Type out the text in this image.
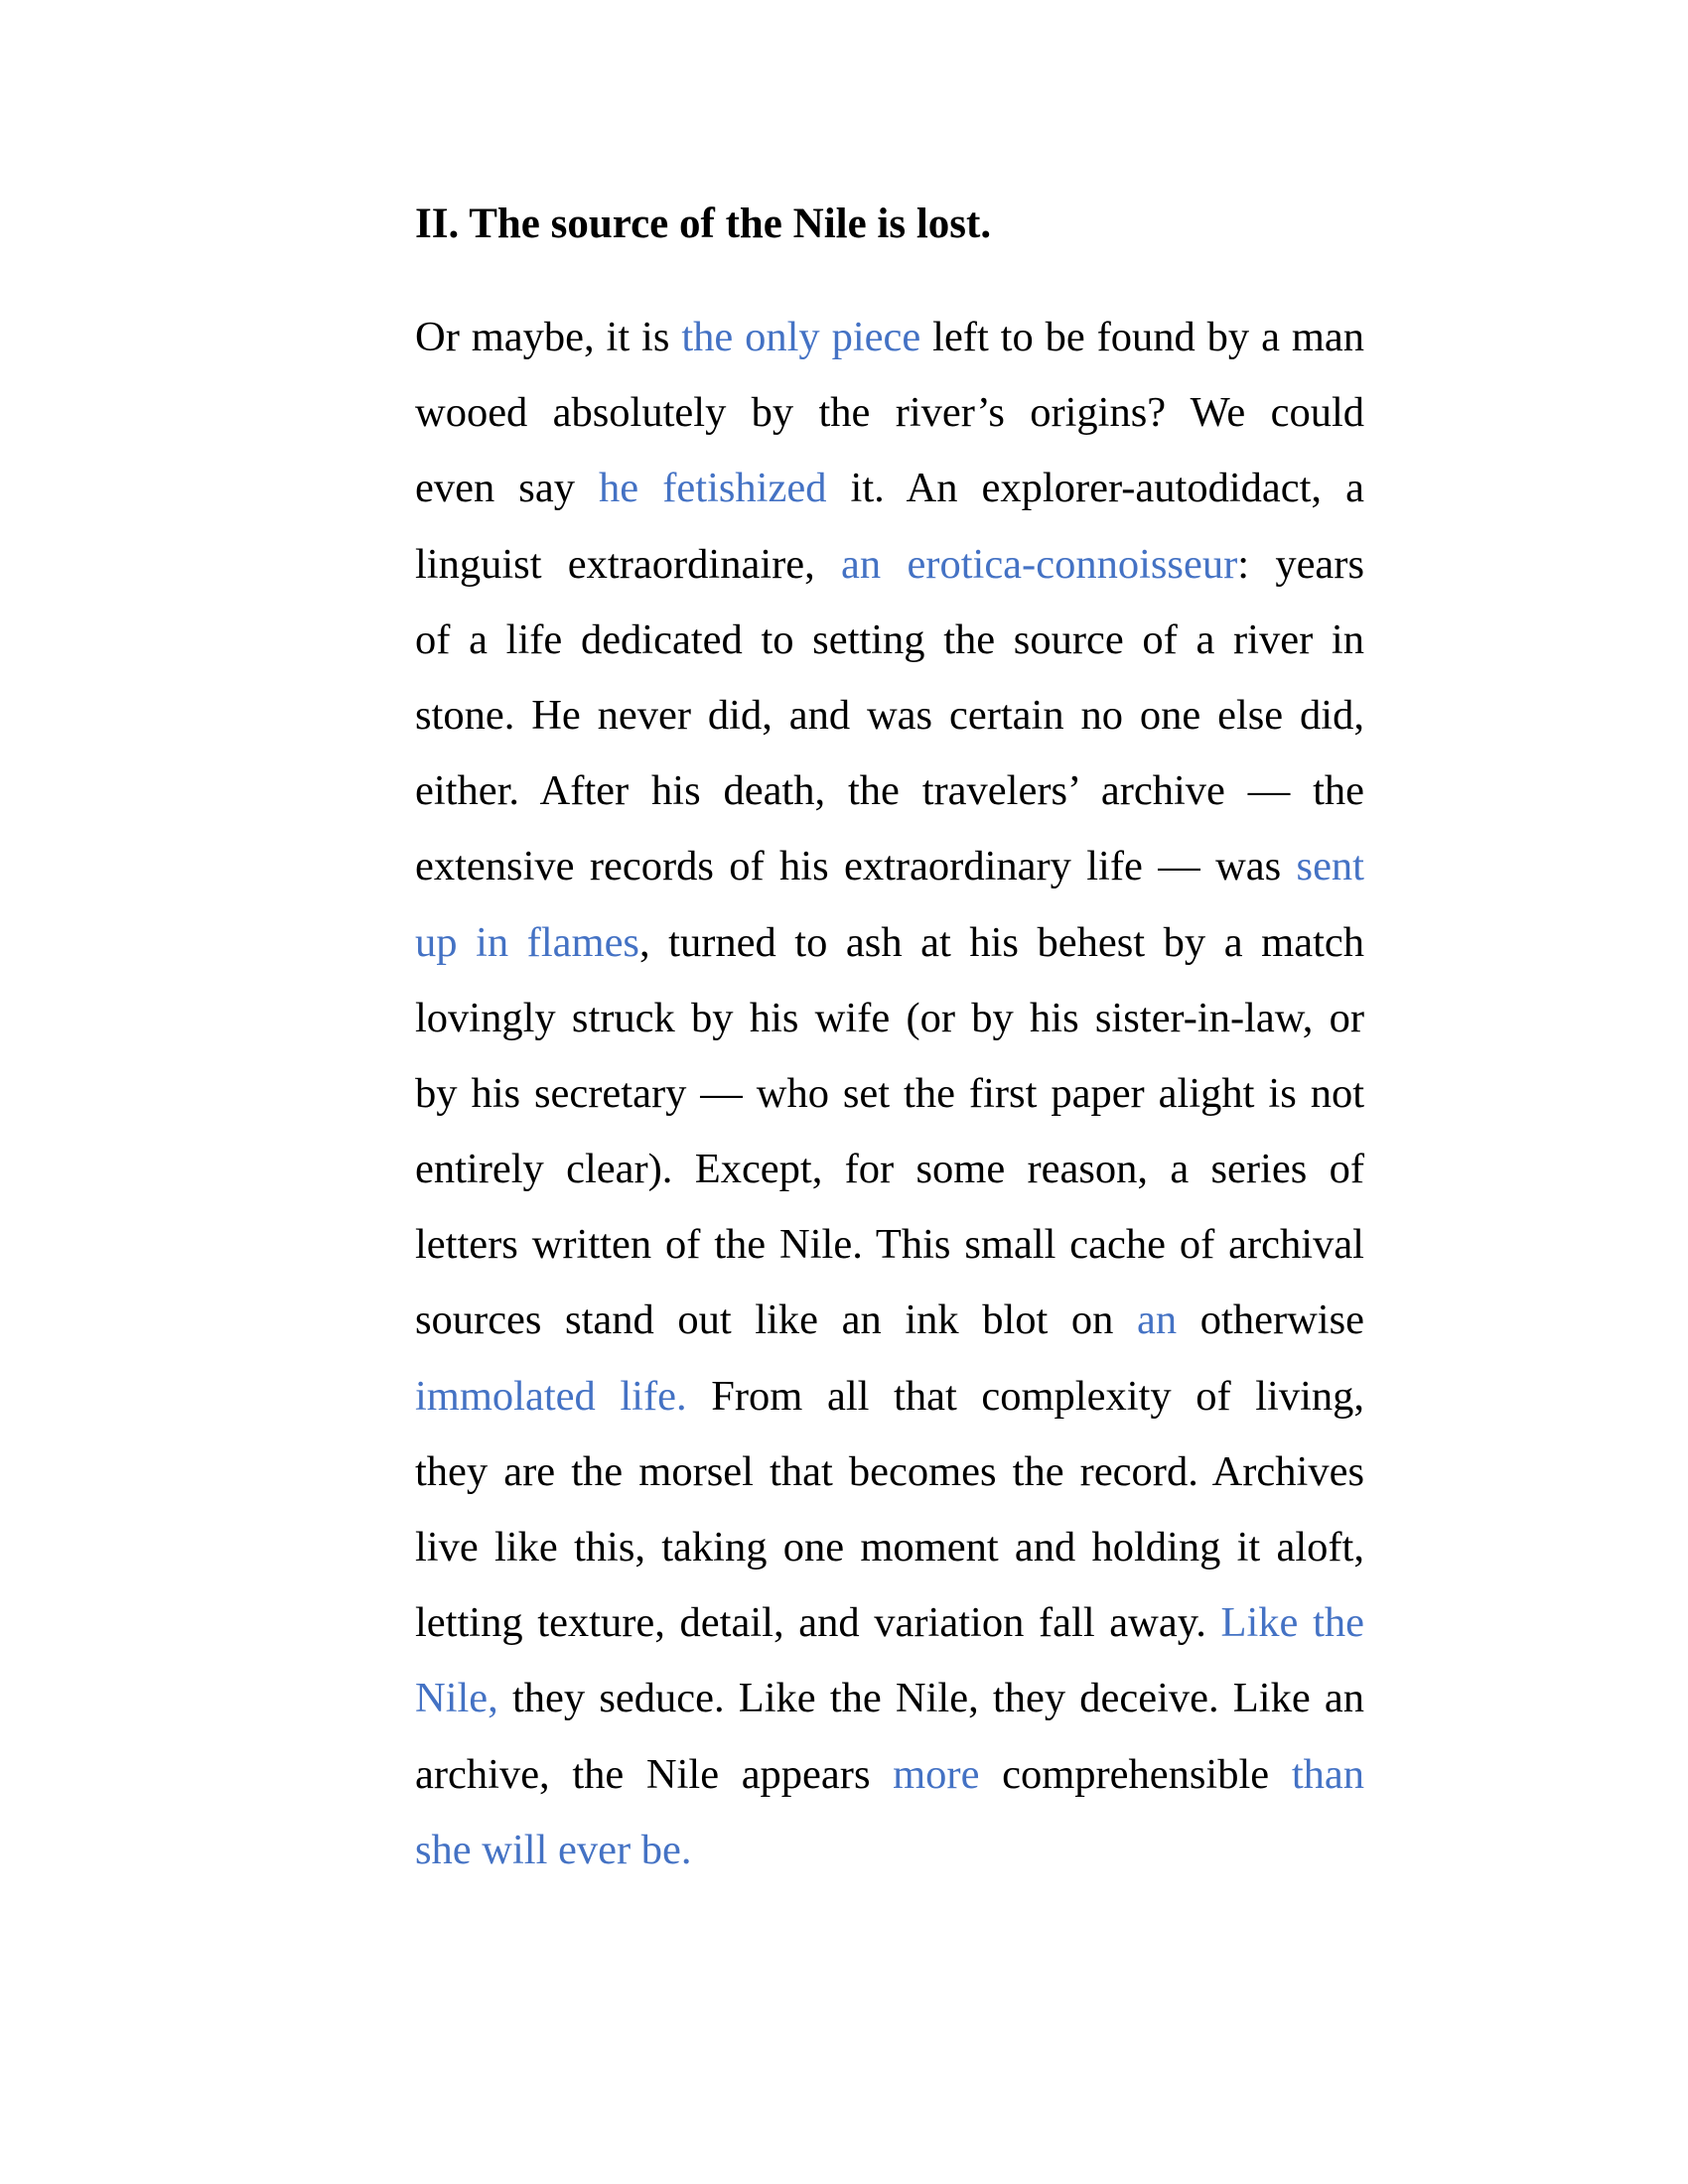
II. The source of the Nile is lost.
Or maybe, it is the only piece left to be found by a man
wooed absolutely by the river’s origins? We could
even say he fetishized it. An explorer-autodidact, a
linguist extraordinaire, an erotica-connoisseur: years
of a life dedicated to setting the source of a river in
stone. He never did, and was certain no one else did,
either. After his death, the travelers’ archive — the
extensive records of his extraordinary life — was sent
up in flames, turned to ash at his behest by a match
lovingly struck by his wife (or by his sister-in-law, or
by his secretary — who set the first paper alight is not
entirely clear). Except, for some reason, a series of
letters written of the Nile. This small cache of archival
sources stand out like an ink blot on an otherwise
immolated life. From all that complexity of living,
they are the morsel that becomes the record. Archives
live like this, taking one moment and holding it aloft,
letting texture, detail, and variation fall away. Like the
Nile, they seduce. Like the Nile, they deceive. Like an
archive, the Nile appears more comprehensible than
she will ever be.
